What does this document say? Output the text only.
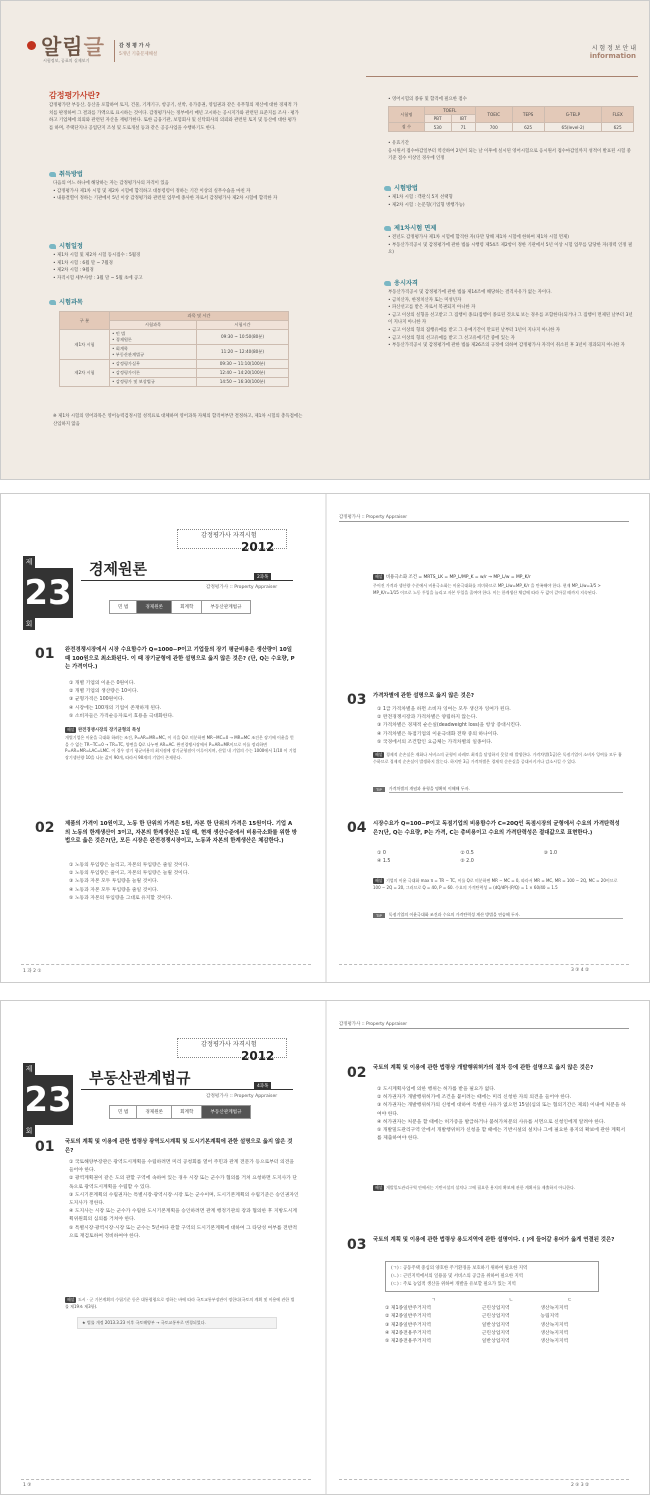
알림글
시험정보, 공표의 실제보기
감 정 평 가 사
5개년 기출문제해설
감정평가사란?
감정평가란 부동산, 동산을 포함하여 토지, 건물, 기계기구, 항공기, 선박, 유가증권, 영업권과 같은 유무형의 재산에 대한 경제적 가치를 판정하여 그 결과를 가액으로 표시하는 것이다. 감정평가사는 정부에서 매년 고시하는 공시지가와 관련된 표준지를 조사 · 평가하고 기업체에 의뢰와 관련된 자산을 재평가한다. 또한 금융기관, 보험회사 및 신탁회사의 의뢰와 관련된 토지 및 동산에 대한 평가를 하며, 주택단지나 공업단지 조성 및 도로개설 등과 같은 공공사업을 수행하기도 한다.
취득방법
다음의 어느 하나에 해당하는 자는 감정평가사의 자격이 있음
• 감정평가사 제1차 시험 및 제2차 시험에 합격하고 대통령령이 정하는 기간 이상의 실무수습을 마친 자
• 내용결렬이 정하는 기관에서 5년 이상 감정평가와 관련된 업무에 종사한 자로서 감정평가사 제2차 시험에 합격한 자
시험일정
• 제1차 시험 및 제2차 시험 동시접수 : 5월경
• 제1차 시험 : 6월 말 ~ 7월경
• 제2차 시험 : 9월경
• 자격시험 세부사항 : 3월 말 ~ 5월 초에 공고
시험과목
구 분	과목 및 시간	
	시험과목	시험시간
제1차 시험	• 민 법
• 경제원론	09:30 ~ 10:50(80분)
	• 회계학
• 부동산관계법규	11:20 ~ 12:40(80분)
제2차 시험	• 감정평가실무	09:30 ~ 11:10(100분)
	• 감정평가이론	12:40 ~ 14:20(100분)
	• 감정평가 및 보상법규	14:50 ~ 16:30(100분)
※ 제1차 시험의 영어과목은 영어능력검정시험 성적표로 대체하며 영어과목 자체의 합격여부만 결정하고, 제1차 시험의 총득점에는 산입하지 않음
시 험 정 보 안 내
information
• 영어시험의 종류 및 합격에 필요한 점수
시험명	TOEFL		TOEIC	TEPS	G-TELP	FLEX
	PBT	IBT				
점 수	530	71	700	625	65(level-2)	625
• 유효기간
응시원서 접수마감일부터 역산하여 2년이 되는 날 이후에 실시된 영어시험으로 응시원서 접수마감일까지 성적이 발표된 시험 중 기준 점수 이상인 경우에 인정
시험방법
• 제1차 시험 : 객관식 5지 선택형
• 제2차 시험 : 논문형(기입형 병행가능)
제1차시험 면제
• 전년도 감정평가사 제1차 시험에 합격한 자(다만 당해 제1차 시험에 한하여 제1차 시험 면제)
• 부동산가격공시 및 감정평가에 관한 법률 시행령 제54조 제2항이 정한 기관에서 5년 이상 시험 업무를 담당한 자(경력 인정 필요)
응시자격
부동산가격공시 및 감정평가에 관한 법률 제14조에 해당하는 결격사유가 없는 자이다.
• 금치산자, 한정치산자 또는 미성년자
• 파산선고를 받은 자로서 복권되지 아니한 자
• 금고 이상의 실형을 선고받고 그 집행이 종료(집행이 종료된 것으로 보는 경우를 포함한다)되거나 그 집행이 면제된 날부터 3년이 지나지 아니한 자
• 금고 이상의 형의 집행유예를 받고 그 유예기간이 만료된 날부터 1년이 지나지 아니한 자
• 금고 이상의 형의 선고유예를 받고 그 선고유예기간 중에 있는 자
• 부동산가격공시 및 감정평가에 관한 법률 제26조의 규정에 의하여 감정평가사 자격이 취소된 후 3년이 경과되지 아니한 자
감정평가사 자격시험
2012
제
23
회
경제원론	2과목
감정평가사 :: Property Appraiser
민 법	경제원론	회계학	부동산관계법규
01 완전경쟁시장에서 시장 수요함수가 Q=1000−P이고 기업들의 장기 평균비용은 생산량이 10일 때 100원으로 최소화된다. 이 때 장기균형에 관한 설명으로 옳지 않은 것은? (단, Q는 수요량, P는 가격이다.)
① 개별 기업의 이윤은 0원이다.
② 개별 기업의 생산량은 10이다.
③ 균형가격은 100원이다.
④ 시장에는 100개의 기업이 존재하게 된다.
⑤ 소비자들은 가격순응자로서 효용을 극대화한다.
해설 완전경쟁시장의 장기균형의 특성
개별기업은 이윤을 극대화 하려는 조건, P=AR=MR=MC, 이 식을 Q로 미분하면 MR−MC=0 → MR=MC 조건은 장기에 이윤을 얻을 수 없는 TR−TC=0 → TR=TC, 양변을 Q로 나누면 AR=AC. 완전경쟁시장에서 P=AR=MR이므로 이를 정리하면 P=AR=MR=LAC=LMC. 이 경우 장기 평균비용의 최저점에 장기균형점이 이루어지며, 산업 내 기업의 수는 1000에서 1/10 이 기업 장기생산량 10을 나눈 값이 90개, 따라서 90개의 기업이 존재한다.
02 제품의 가격이 10원이고, 노동 한 단위의 가격은 5원, 자본 한 단위의 가격은 15원이다. 기업 A의 노동의 한계생산이 3이고, 자본의 한계생산은 1일 때, 현재 생산수준에서 비용극소화를 위한 방법으로 옳은 것은?(단, 모든 시장은 완전경쟁시장이고, 노동과 자본의 한계생산은 체감한다.)
① 노동의 투입량은 늘리고, 자본의 투입량은 줄일 것이다.
② 노동의 투입량은 줄이고, 자본의 투입량은 늘릴 것이다.
③ 노동과 자본 모두 투입량을 늘릴 것이다.
④ 노동과 자본 모두 투입량을 줄일 것이다.
⑤ 노동과 자본의 투입량을 그대로 유지할 것이다.
1 과 2 ①
감정평가사 :: Property Appraiser
해설 비용극소화 조건 = MRTS_LK = MP_L/MP_K = w/r → MP_L/w = MP_K/r
주어진 가격과 생산량 수준에서 비용극소화는 이윤극대화를 의미하므로 MP_L/w=MP_K/r 을 만족해야 한다. 현재 MP_L/w=3/5 > MP_K/r=1/15 이므로 노동 투입을 늘리고 자본 투입을 줄여야 한다. 이는 한계생산 체감에 따라 두 값이 같아질 때까지 지속된다.
03 가격차별에 관한 설명으로 옳지 않은 것은?
① 1급 가격차별을 하면 소비자 잉여는 모두 생산자 잉여가 된다.
② 완전경쟁시장과 가격차별은 양립하지 않는다.
③ 가격차별은 경제적 순손실(deadweight loss)을 항상 증대시킨다.
④ 가격차별은 독점기업의 이윤극대화 전략 중의 하나이다.
⑤ 국경에서의 조건합인 요금체는 가격차별의 일종이다.
해설 경제적 순손실은 재화나 서비스의 균형이 파레토 최적을 달성하지 못할 때 발생한다. 가격차별(1급)은 독점기업이 소비자 잉여를 모두 흡수하므로 경제적 순손실이 발생하지 않는다. 하지만 3급 가격차별은 경제적 순손실을 증대시키거나 감소시킬 수 있다.
TIP	가격차별의 개념과 유형을 명확히 이해해 두자.
04 시장수요가 Q=100−P이고 독점기업의 비용함수가 C=20Q인 독점시장의 균형에서 수요의 가격탄력성은?(단, Q는 수요량, P는 가격, C는 총비용이고 수요의 가격탄력성은 절대값으로 표현한다.)
① 0	② 0.5	③ 1.0
④ 1.5	⑤ 2.0
해설 기업의 이윤 극대화 max π = TR − TC, 이를 Q로 미분하면 MR − MC = 0, 따라서 MR = MC, MR = 100 − 2Q, MC = 20이므로 100 − 2Q = 20, 그러므로 Q = 40, P = 60. 수요의 가격탄력성 = (dQ/dP)·(P/Q) = 1 × 60/40 = 1.5
TIP	독점기업의 이윤극대화 조건과 수요의 가격탄력성 계산 방법을 연습해 두자.
3 ③ 4 ②
감정평가사 자격시험
2012
제
23
회
부동산관계법규	4과목
감정평가사 :: Property Appraiser
민 법	경제원론	회계학	부동산관계법규
01 국토의 계획 및 이용에 관한 법령상 광역도시계획 및 도시기본계획에 관한 설명으로 옳지 않은 것은?
① 국토해양부장관은 광역도시계획을 수립하려면 미리 공청회를 열어 주민과 관계 전문가 등으로부터 의견을 들어야 한다.
② 광역계획권이 같은 도의 관할 구역에 속하여 있는 경우 시장 또는 군수가 협의를 거쳐 요청하면 도지사가 단독으로 광역도시계획을 수립할 수 있다.
③ 도시기본계획의 수립권자는 특별시장·광역시장·시장 또는 군수이며, 도시기본계획의 수립기준은 승인권자인 도지사가 정한다.
④ 도지사는 시장 또는 군수가 수립한 도시기본계획을 승인하려면 관계 행정기관의 장과 협의한 후 지방도시계획위원회의 심의를 거쳐야 한다.
⑤ 특별시장·광역시장·시장 또는 군수는 5년마다 관할 구역의 도시기본계획에 대하여 그 타당성 여부를 전반적으로 재검토하여 정비하여야 한다.
해설 도시 · 군 기본계획의 수립기준 등은 대통령령으로 정하는 바에 따라 국토교통부장관이 정한다(국토의 계획 및 이용에 관한 법률 제19조 제3항).
★ 법률 개정 2013.3.23 이후 국토해양부 → 국토교통부로 변경되었다.
1 ③
감정평가사 :: Property Appraiser
02 국토의 계획 및 이용에 관한 법령상 개발행위허가의 절차 등에 관한 설명으로 옳지 않은 것은?
① 도시계획사업에 의한 행위는 허가를 받을 필요가 없다.
② 허가권자가 개발행위허가에 조건을 붙이려는 때에는 미리 신청한 자의 의견을 들어야 한다.
③ 허가권자는 개발행위허가의 신청에 대하여 특별한 사유가 없으면 15일(심의 또는 협의기간은 제외) 이내에 처분을 하여야 한다.
④ 허가권자는 처분을 할 때에는 허가증을 발급하거나 불허가처분의 사유를 서면으로 신청인에게 알려야 한다.
⑤ 개발밀도관리구역 안에서 개발행위허가 신청을 할 때에는 기반시설의 설치나 그에 필요한 용지의 확보에 관한 계획서를 제출하여야 한다.
해설 개발밀도관리구역 안에서는 기반시설의 설치나 그에 필요한 용지의 확보에 관한 계획서를 제출하지 아니한다.
03 국토의 계획 및 이용에 관한 법령상 용도지역에 관한 설명이다. ( )에 들어갈 용어가 옳게 연결된 것은?
(ㄱ) : 공동주택 중심의 양호한 주거환경을 보호하기 위하여 필요한 지역
(ㄴ) : 근린지역에서의 일용품 및 서비스의 공급을 위하여 필요한 지역
(ㄷ) : 주로 농업적 생산을 위하여 개발을 유보할 필요가 있는 지역
	ㄱ	ㄴ	ㄷ
① 제1종일반주거지역	근린상업지역	생산녹지지역
② 제2종일반주거지역	근린상업지역	농림지역
③ 제2종일반주거지역	일반상업지역	생산녹지지역
④ 제2종전용주거지역	근린상업지역	생산녹지지역
⑤ 제2종전용주거지역	일반상업지역	생산녹지지역
2 ⑤ 3 ②
